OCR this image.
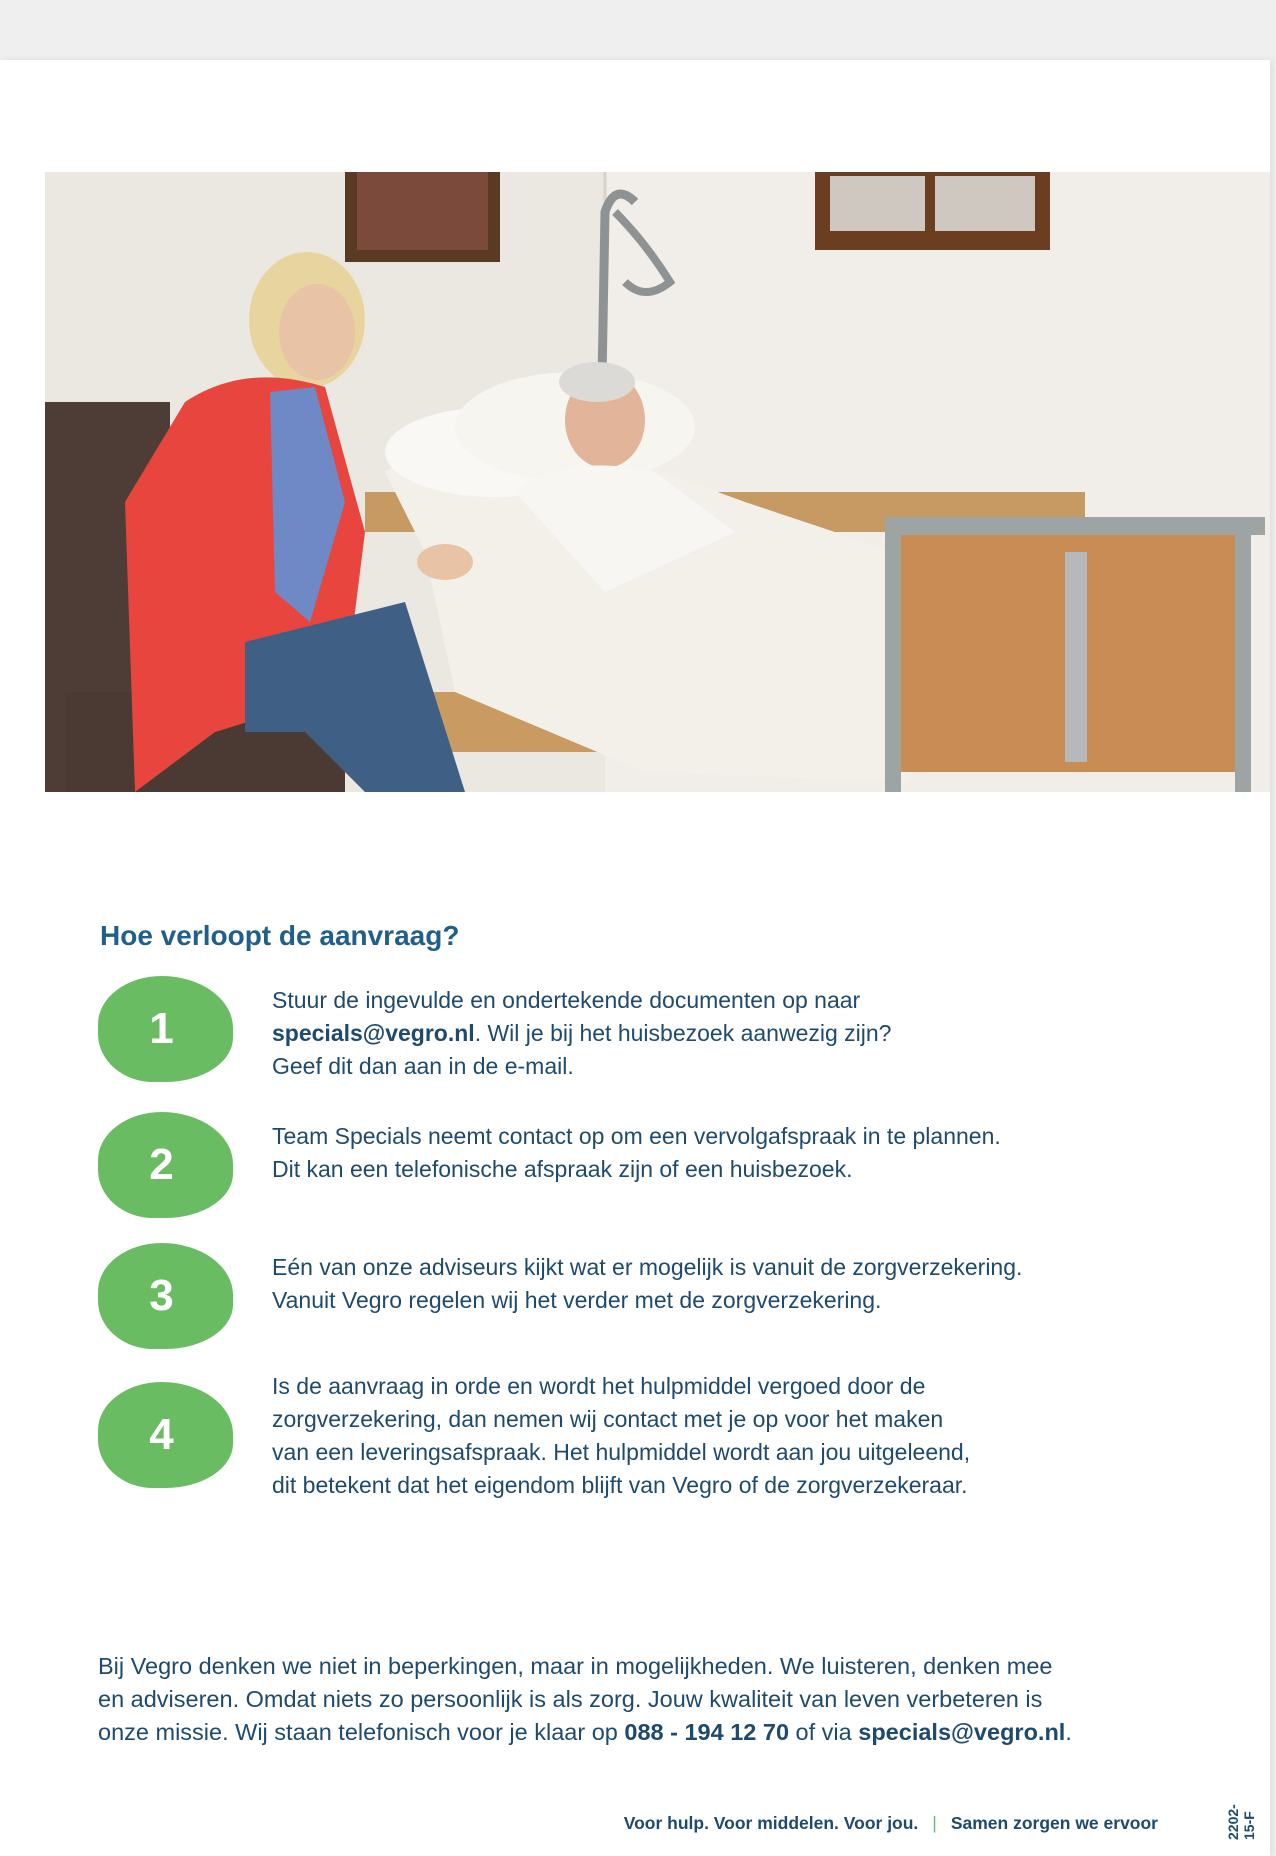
Hoe verloopt de aanvraag?
1
Stuur de ingevulde en ondertekende documenten op naar
specials@vegro.nl. Wil je bij het huisbezoek aanwezig zijn?
Geef dit dan aan in de e-mail.
2
Team Specials neemt contact op om een vervolgafspraak in te plannen.
Dit kan een telefonische afspraak zijn of een huisbezoek.
3
Eén van onze adviseurs kijkt wat er mogelijk is vanuit de zorgverzekering.
Vanuit Vegro regelen wij het verder met de zorgverzekering.
4
Is de aanvraag in orde en wordt het hulpmiddel vergoed door de
zorgverzekering, dan nemen wij contact met je op voor het maken
van een leveringsafspraak. Het hulpmiddel wordt aan jou uitgeleend,
dit betekent dat het eigendom blijft van Vegro of de zorgverzekeraar.
Bij Vegro denken we niet in beperkingen, maar in mogelijkheden. We luisteren, denken mee
en adviseren. Omdat niets zo persoonlijk is als zorg. Jouw kwaliteit van leven verbeteren is
onze missie. Wij staan telefonisch voor je klaar op 088 - 194 12 70 of via specials@vegro.nl.
Voor hulp. Voor middelen. Voor jou. | Samen zorgen we ervoor	2202-15-F
